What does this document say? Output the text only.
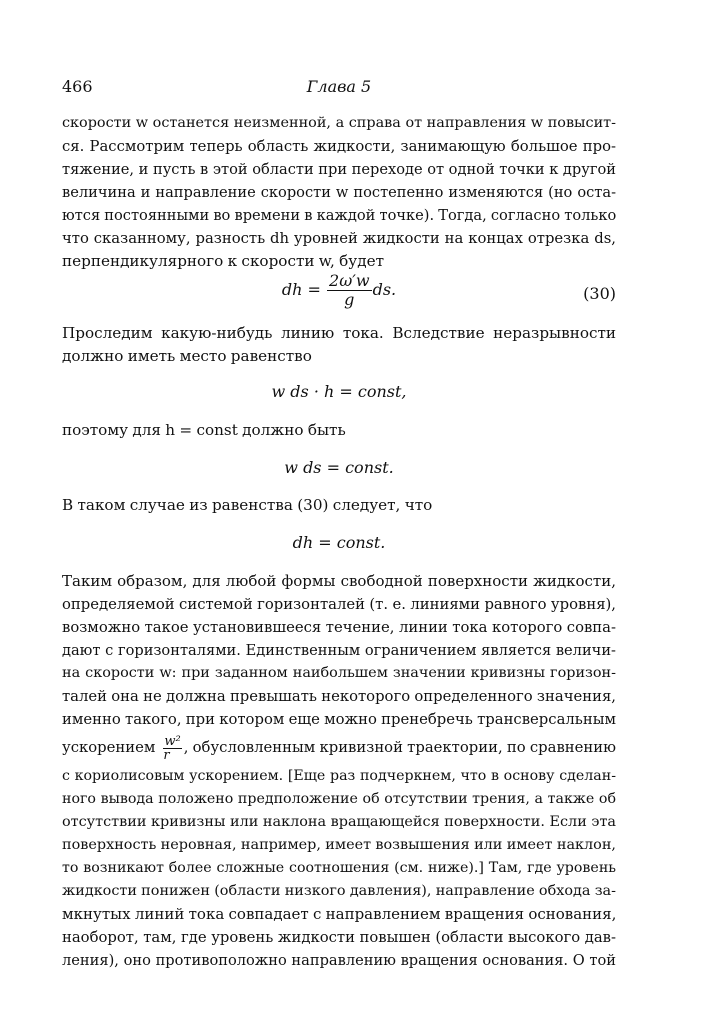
466	Глава 5
скорости w останется неизменной, а справа от направления w повысит-
ся. Рассмотрим теперь область жидкости, занимающую большое про-
тяжение, и пусть в этой области при переходе от одной точки к другой
величина и направление скорости w постепенно изменяются (но оста-
ются постоянными во времени в каждой точке). Тогда, согласно только
что сказанному, разность dh уровней жидкости на концах отрезка ds,
перпендикулярного к скорости w, будет
dh = $\frac{2\omega'w}{g}$ ds.	(30)
Проследим какую-нибудь линию тока. Вследствие неразрывности
должно иметь место равенство
w ds · h = const,
поэтому для h = const должно быть
w ds = const.
В таком случае из равенства (30) следует, что
dh = const.
Таким образом, для любой формы свободной поверхности жидкости,
определяемой системой горизонталей (т. е. линиями равного уровня),
возможно такое установившееся течение, линии тока которого совпа-
дают с горизонталями. Единственным ограничением является величи-
на скорости w: при заданном наибольшем значении кривизны горизон-
талей она не должна превышать некоторого определенного значения,
именно такого, при котором еще можно пренебречь трансверсальным
ускорением $\frac{\text{w²}}{r}$ , обусловленным кривизной траектории, по сравнению
с кориолисовым ускорением. [Еще раз подчеркнем, что в основу сделан-
ного вывода положено предположение об отсутствии трения, а также об
отсутствии кривизны или наклона вращающейся поверхности. Если эта
поверхность неровная, например, имеет возвышения или имеет наклон,
то возникают более сложные соотношения (см. ниже).] Там, где уровень
жидкости понижен (области низкого давления), направление обхода за-
мкнутых линий тока совпадает с направлением вращения основания,
наоборот, там, где уровень жидкости повышен (области высокого дав-
ления), оно противоположно направлению вращения основания. О той
